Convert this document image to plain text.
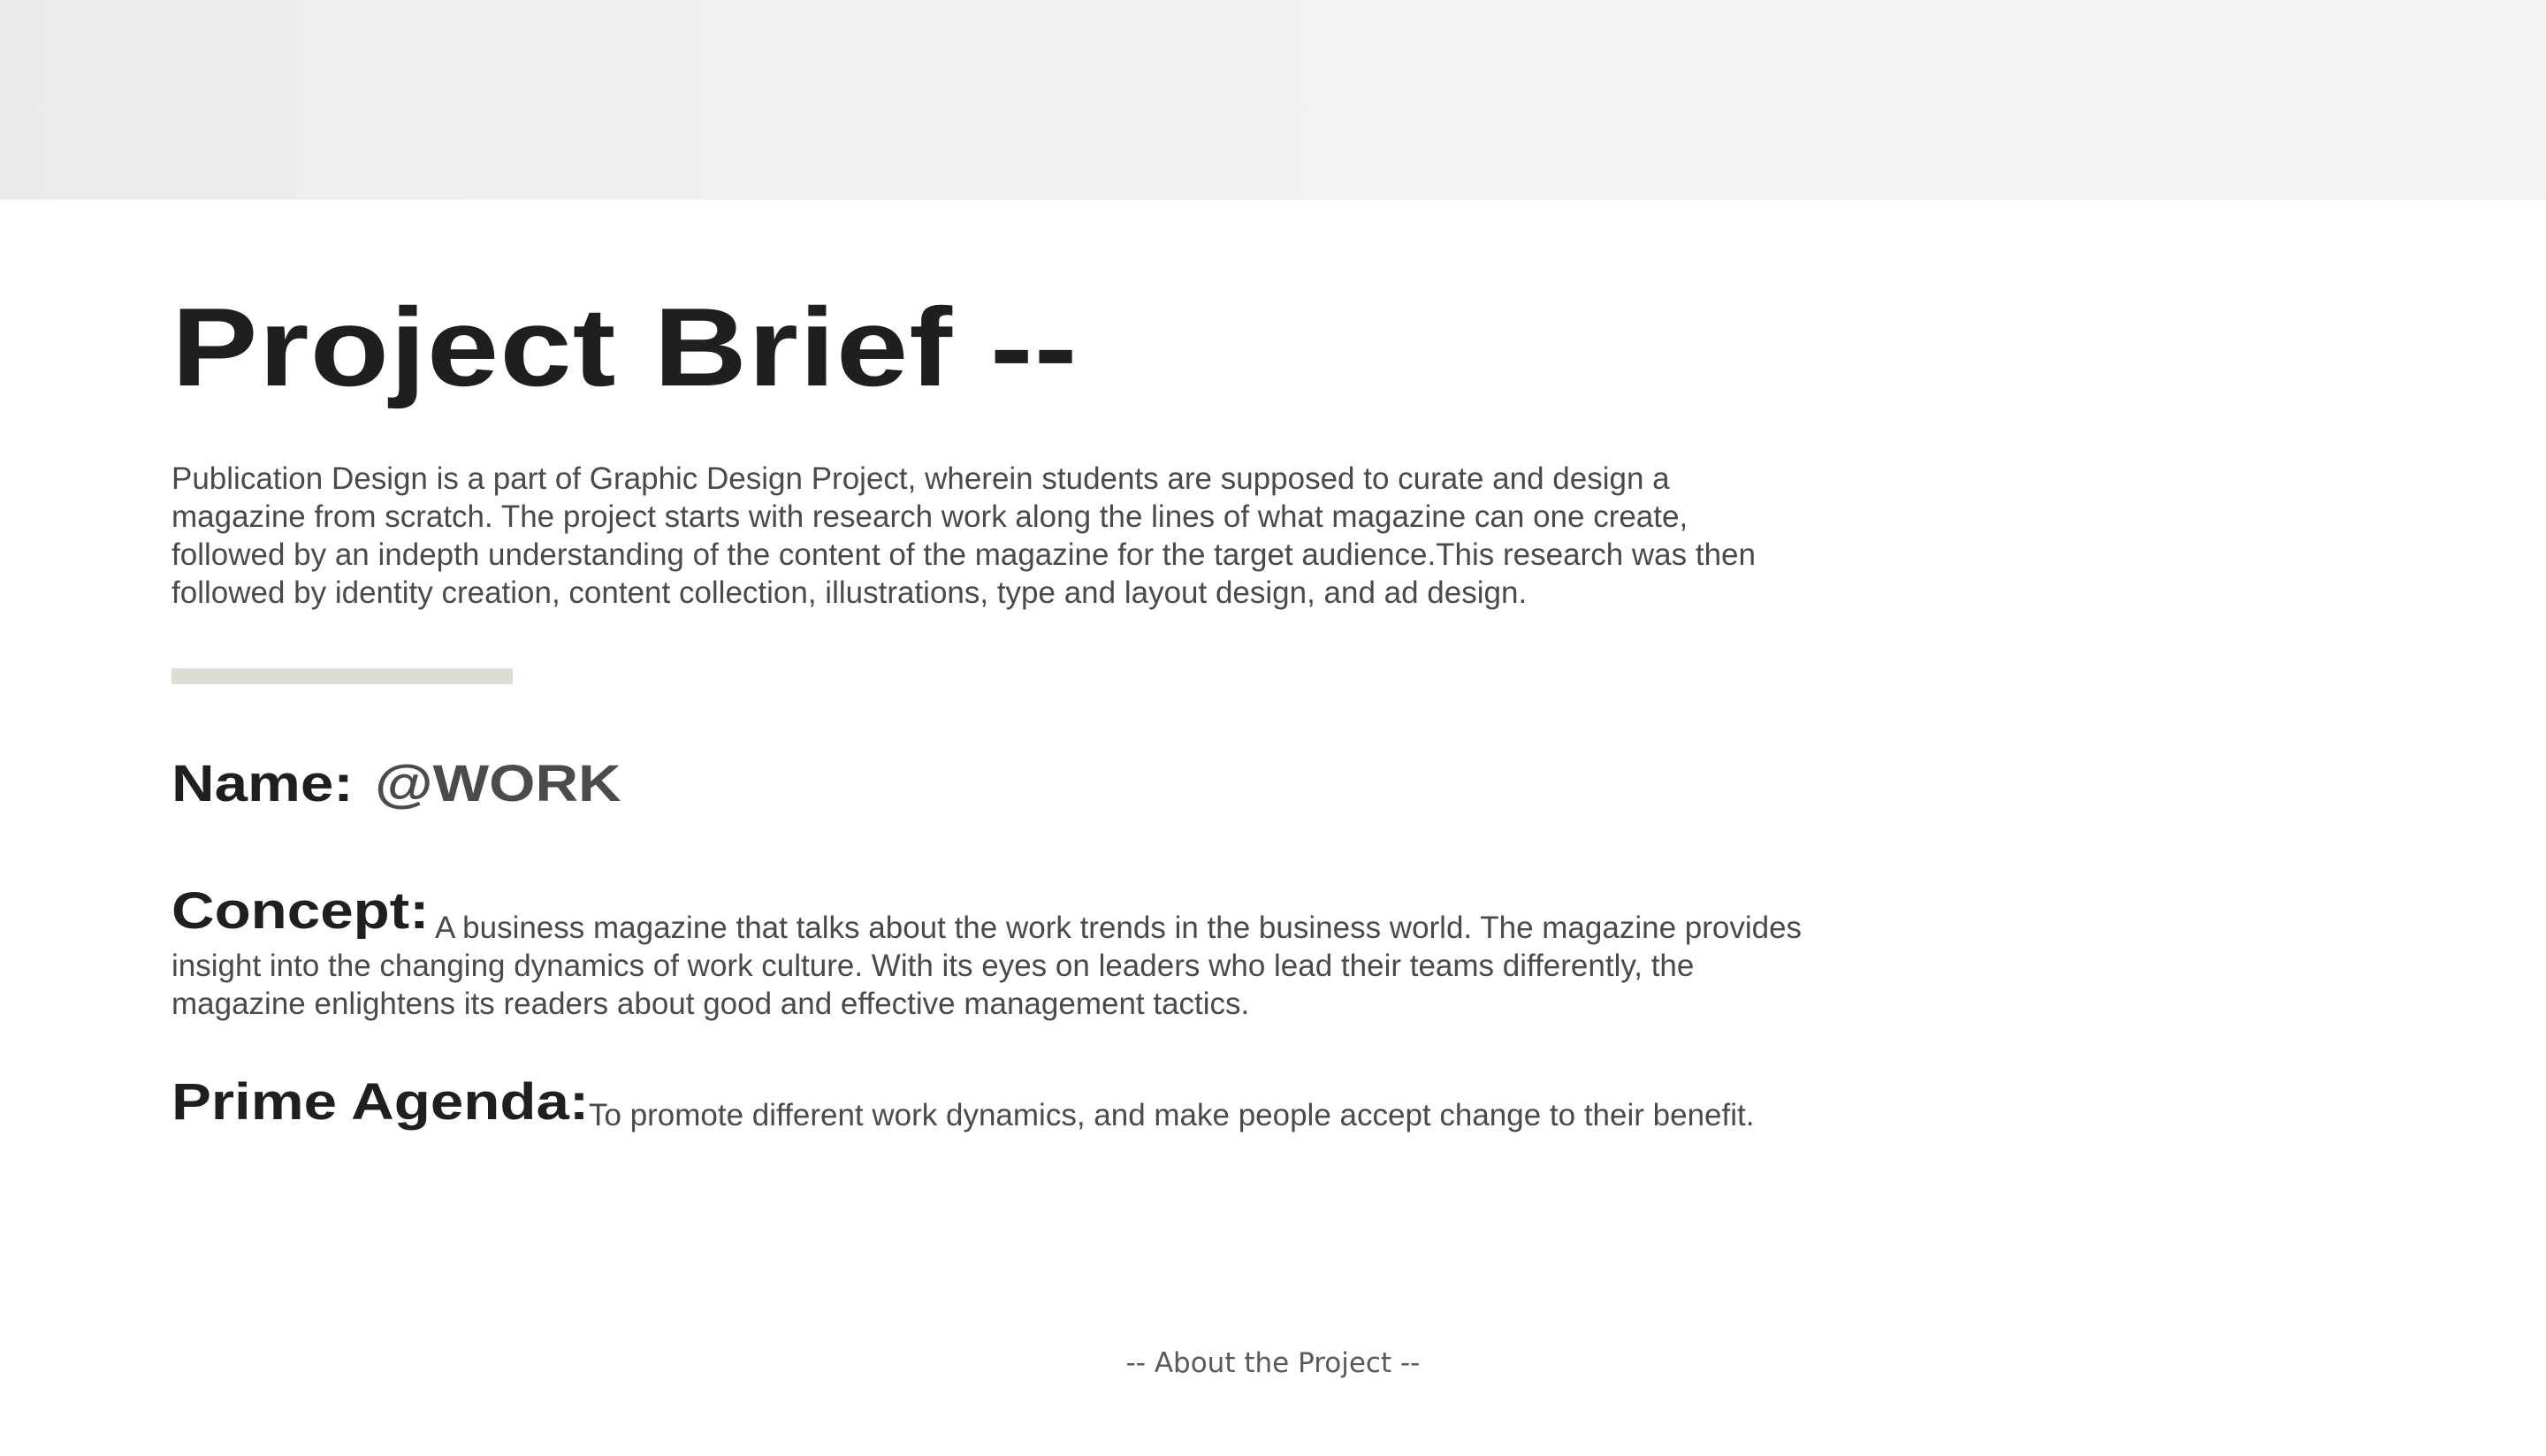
Project Brief --

Publication Design is a part of Graphic Design Project, wherein students are supposed to curate and design a magazine from scratch. The project starts with research work along the lines of what magazine can one create, followed by an indepth understanding of the content of the magazine for the target audience.This research was then followed by identity creation, content collection, illustrations, type and layout design, and ad design.

Name: @WORK
Concept: A business magazine that talks about the work trends in the business world. The magazine provides insight into the changing dynamics of work culture. With its eyes on leaders who lead their teams differently, the magazine enlightens its readers about good and effective management tactics.

Prime Agenda: To promote different work dynamics, and make people accept change to their benefit.
-- About the Project --
